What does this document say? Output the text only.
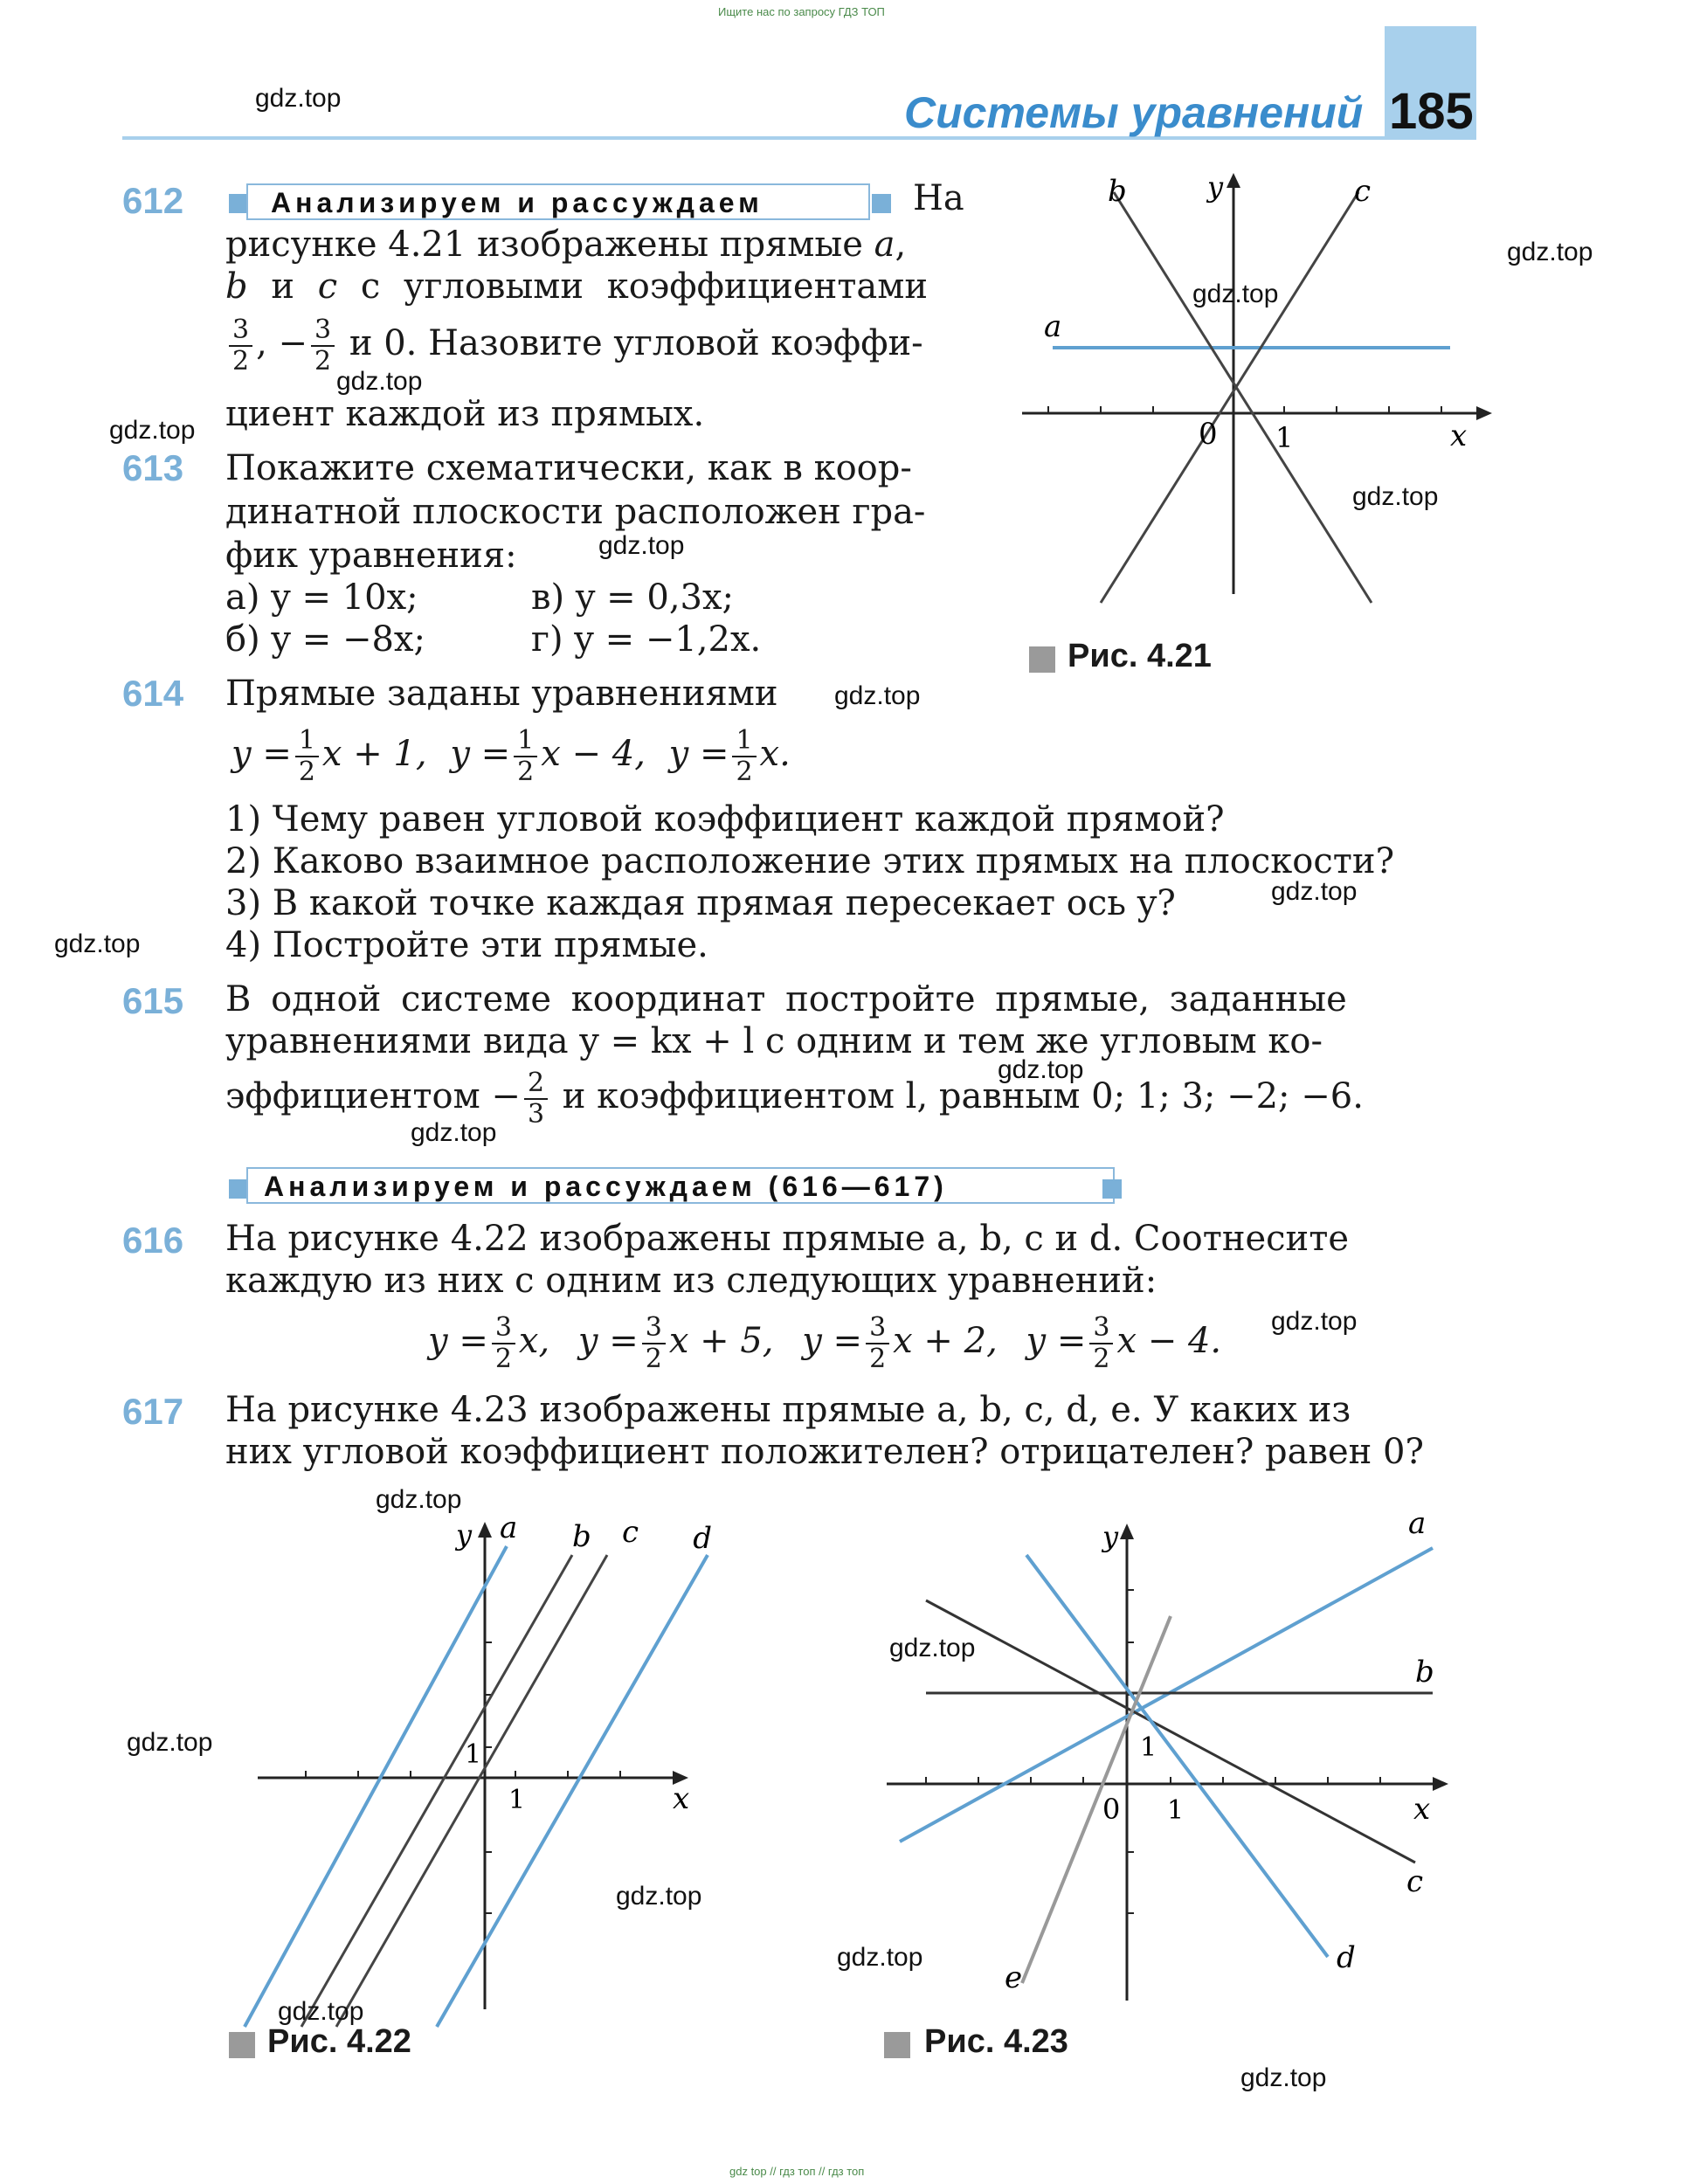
Ищите нас по запросу ГДЗ ТОП
gdz top // гдз топ // гдз топ
Системы уравнений 185
612	Анализируем и рассуждаем	На
рисунке 4.21 изображены прямые a,
b и c с угловыми коэффициентами
$\frac{3}{2}$ , − $\frac{3}{2}$ и 0. Назовите угловой коэффи-
циент каждой из прямых.
613 Покажите схематически, как в коор-
динатной плоскости расположен гра-
фик уравнения:
а) y = 10x;	в) y = 0,3x;
б) y = −8x;	г) y = −1,2x.
a
b	c
y
x
0 1
Рис. 4.21
614 Прямые заданы уравнениями
$y = \frac{1}{2}$ x + 1, $y = \frac{1}{2}$ x − 4, $y = \frac{1}{2} x$.
1) Чему равен угловой коэффициент каждой прямой?
2) Каково взаимное расположение этих прямых на плоскости?
3) В какой точке каждая прямая пересекает ось y?
4) Постройте эти прямые.
615 В одной системе координат постройте прямые, заданные
уравнениями вида y = kx + l с одним и тем же угловым ко-
эффициентом − $\frac{2}{3}$ и коэффициентом l, равным 0; 1; 3; −2; −6.
Анализируем и рассуждаем (616—617)
616 На рисунке 4.22 изображены прямые a, b, c и d. Соотнесите
каждую из них с одним из следующих уравнений:
$y = \frac{3}{2} x$, $y = \frac{3}{2}$ x + 5, $y = \frac{3}{2}$ x + 2, $y = \frac{3}{2}$ x − 4.
617 На рисунке 4.23 изображены прямые a, b, c, d, e. У каких из
них угловой коэффициент положителен? отрицателен? равен 0?
a b c d
y
x
1
1
Рис. 4.22
a
b
c
d
e
y
x
0
1
1
Рис. 4.23
gdz.top
gdz.top
gdz.top
gdz.top
gdz.top
gdz.top
gdz.top
gdz.top
gdz.top
gdz.top
gdz.top
gdz.top
gdz.top
gdz.top
gdz.top
gdz.top
gdz.top
gdz.top
gdz.top
gdz.top
